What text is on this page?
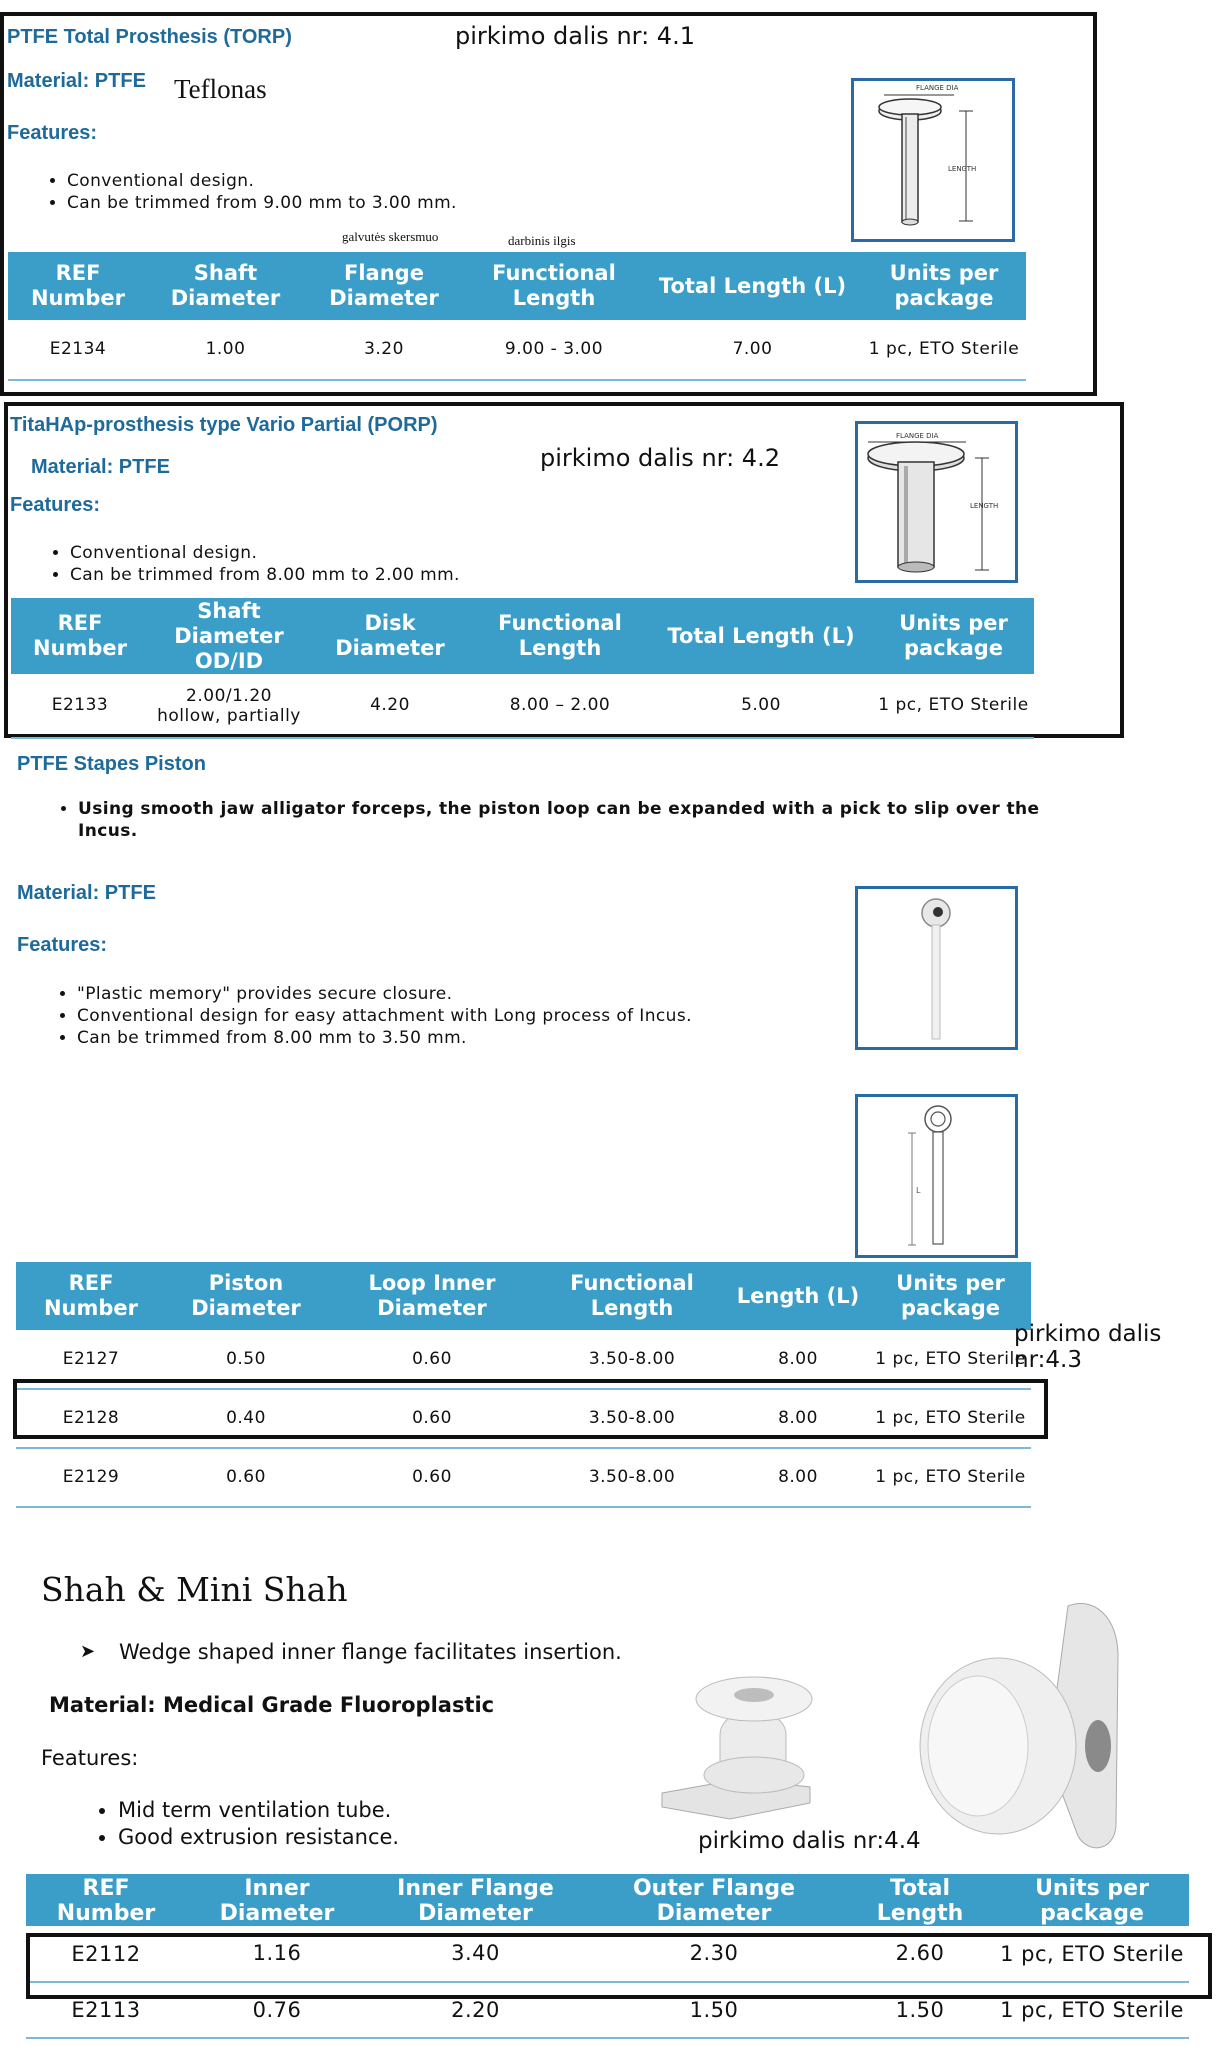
PTFE Total Prosthesis (TORP)	pirkimo dalis nr: 4.1
Material: PTFE Teflonas
Features:
• Conventional design.
• Can be trimmed from 9.00 mm to 3.00 mm.
galvutės skersmuo	darbinis ilgis
FLANGE DIA
LENGTH
REF Number	Shaft Diameter	Flange Diameter	Functional Length	Total Length (L)	Units per package
E2134	1.00	3.20	9.00 - 3.00	7.00	1 pc, ETO Sterile
TitaHAp-prosthesis type Vario Partial (PORP)
pirkimo dalis nr: 4.2
Material: PTFE
Features:
• Conventional design.
• Can be trimmed from 8.00 mm to 2.00 mm.
FLANGE DIA
LENGTH
REF Number	Shaft Diameter OD/ID	Disk Diameter	Functional Length	Total Length (L)	Units per package
E2133	2.00/1.20 hollow, partially	4.20	8.00 – 2.00	5.00	1 pc, ETO Sterile
PTFE Stapes Piston
• Using smooth jaw alligator forceps, the piston loop can be expanded with a pick to slip over the Incus.
Material: PTFE
Features:
• "Plastic memory" provides secure closure.
• Conventional design for easy attachment with Long process of Incus.
• Can be trimmed from 8.00 mm to 3.50 mm.
L
REF Number	Piston Diameter	Loop Inner Diameter	Functional Length	Length (L)	Units per package
E2127	0.50	0.60	3.50-8.00	8.00	1 pc, ETO Sterile
E2128	0.40	0.60	3.50-8.00	8.00	1 pc, ETO Sterile
E2129	0.60	0.60	3.50-8.00	8.00	1 pc, ETO Sterile
pirkimo dalis nr:4.3
Shah & Mini Shah
➤ Wedge shaped inner flange facilitates insertion.
Material: Medical Grade Fluoroplastic
Features:
• Mid term ventilation tube.
• Good extrusion resistance.	pirkimo dalis nr:4.4
REF Number	Inner Diameter	Inner Flange Diameter	Outer Flange Diameter	Total Length	Units per package
E2112	1.16	3.40	2.30	2.60	1 pc, ETO Sterile
E2113	0.76	2.20	1.50	1.50	1 pc, ETO Sterile
